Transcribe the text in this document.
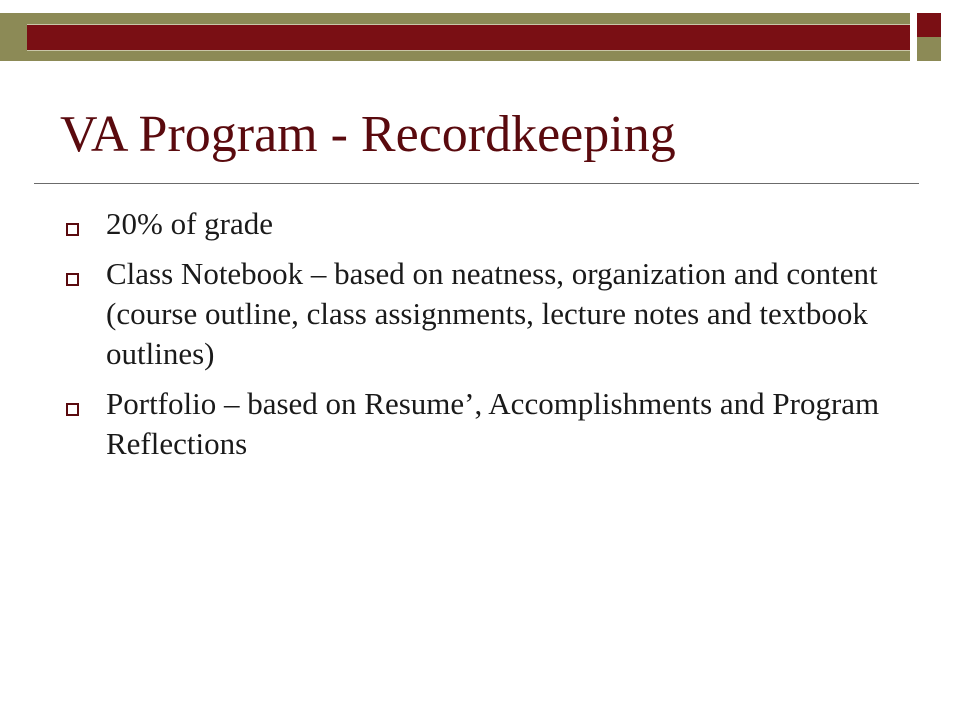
VA Program - Recordkeeping
20% of grade
Class Notebook – based on neatness, organization and content (course outline, class assignments, lecture notes and textbook outlines)
Portfolio – based on Resume’, Accomplishments and Program Reflections
